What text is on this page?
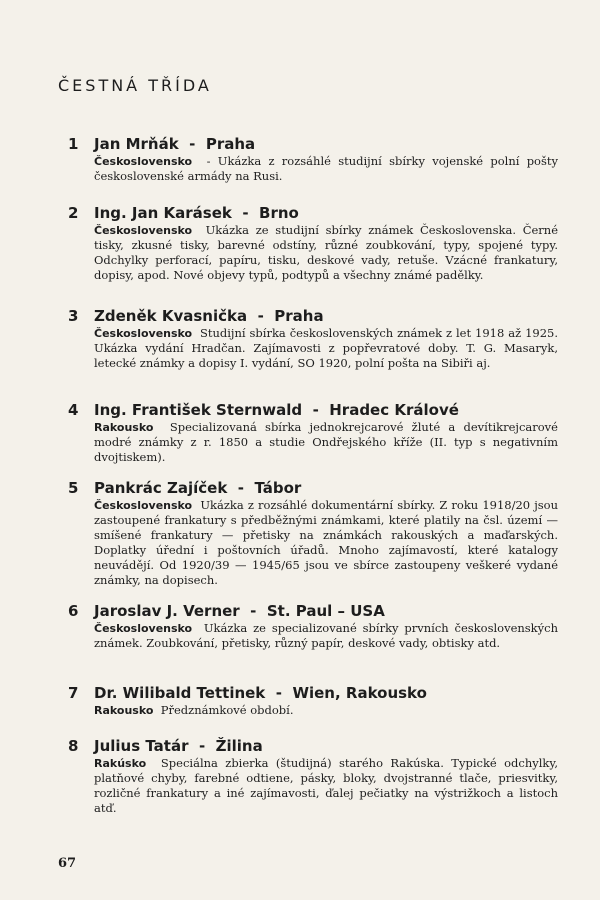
ČESTNÁ TŘÍDA
1 Jan Mrňák - Praha
Československo - Ukázka z rozsáhlé studijní sbírky vojenské polní pošty československé armády na Rusi.
2 Ing. Jan Karásek - Brno
Československo Ukázka ze studijní sbírky známek Československa. Černé tisky, zkusné tisky, barevné odstíny, různé zoubkování, typy, spojené typy. Odchylky perforací, papíru, tisku, deskové vady, retuše. Vzácné frankatury, dopisy, apod. Nové objevy typů, podtypů a všechny známé padělky.
3 Zdeněk Kvasnička - Praha
Československo Studijní sbírka československých známek z let 1918 až 1925. Ukázka vydání Hradčan. Zajímavosti z popřevratové doby. T. G. Masaryk, letecké známky a dopisy I. vydání, SO 1920, polní pošta na Sibiři aj.
4 Ing. František Sternwald - Hradec Králové
Rakousko Specializovaná sbírka jednokrejcarové žluté a devítikrejcarové modré známky z r. 1850 a studie Ondřejského kříže (II. typ s negativním dvojtiskem).
5 Pankrác Zajíček - Tábor
Československo Ukázka z rozsáhlé dokumentární sbírky. Z roku 1918/20 jsou zastoupené frankatury s předběžnými známkami, které platily na čsl. území — smíšené frankatury — přetisky na známkách rakouských a maďarských. Doplatky úřední i poštovních úřadů. Mnoho zajímavostí, které katalogy neuvádějí. Od 1920/39 — 1945/65 jsou ve sbírce zastoupeny veškeré vydané známky, na dopisech.
6 Jaroslav J. Verner - St. Paul – USA
Československo Ukázka ze specializované sbírky prvních československých známek. Zoubkování, přetisky, různý papír, deskové vady, obtisky atd.
7 Dr. Wilibald Tettinek - Wien, Rakousko
Rakousko Předznámkové období.
8 Julius Tatár - Žilina
Rakúsko Speciálna zbierka (študijná) starého Rakúska. Typické odchylky, platňové chyby, farebné odtiene, pásky, bloky, dvojstranné tlače, priesvitky, rozličné frankatury a iné zajímavosti, ďalej pečiatky na výstrižkoch a listoch atď.
67
